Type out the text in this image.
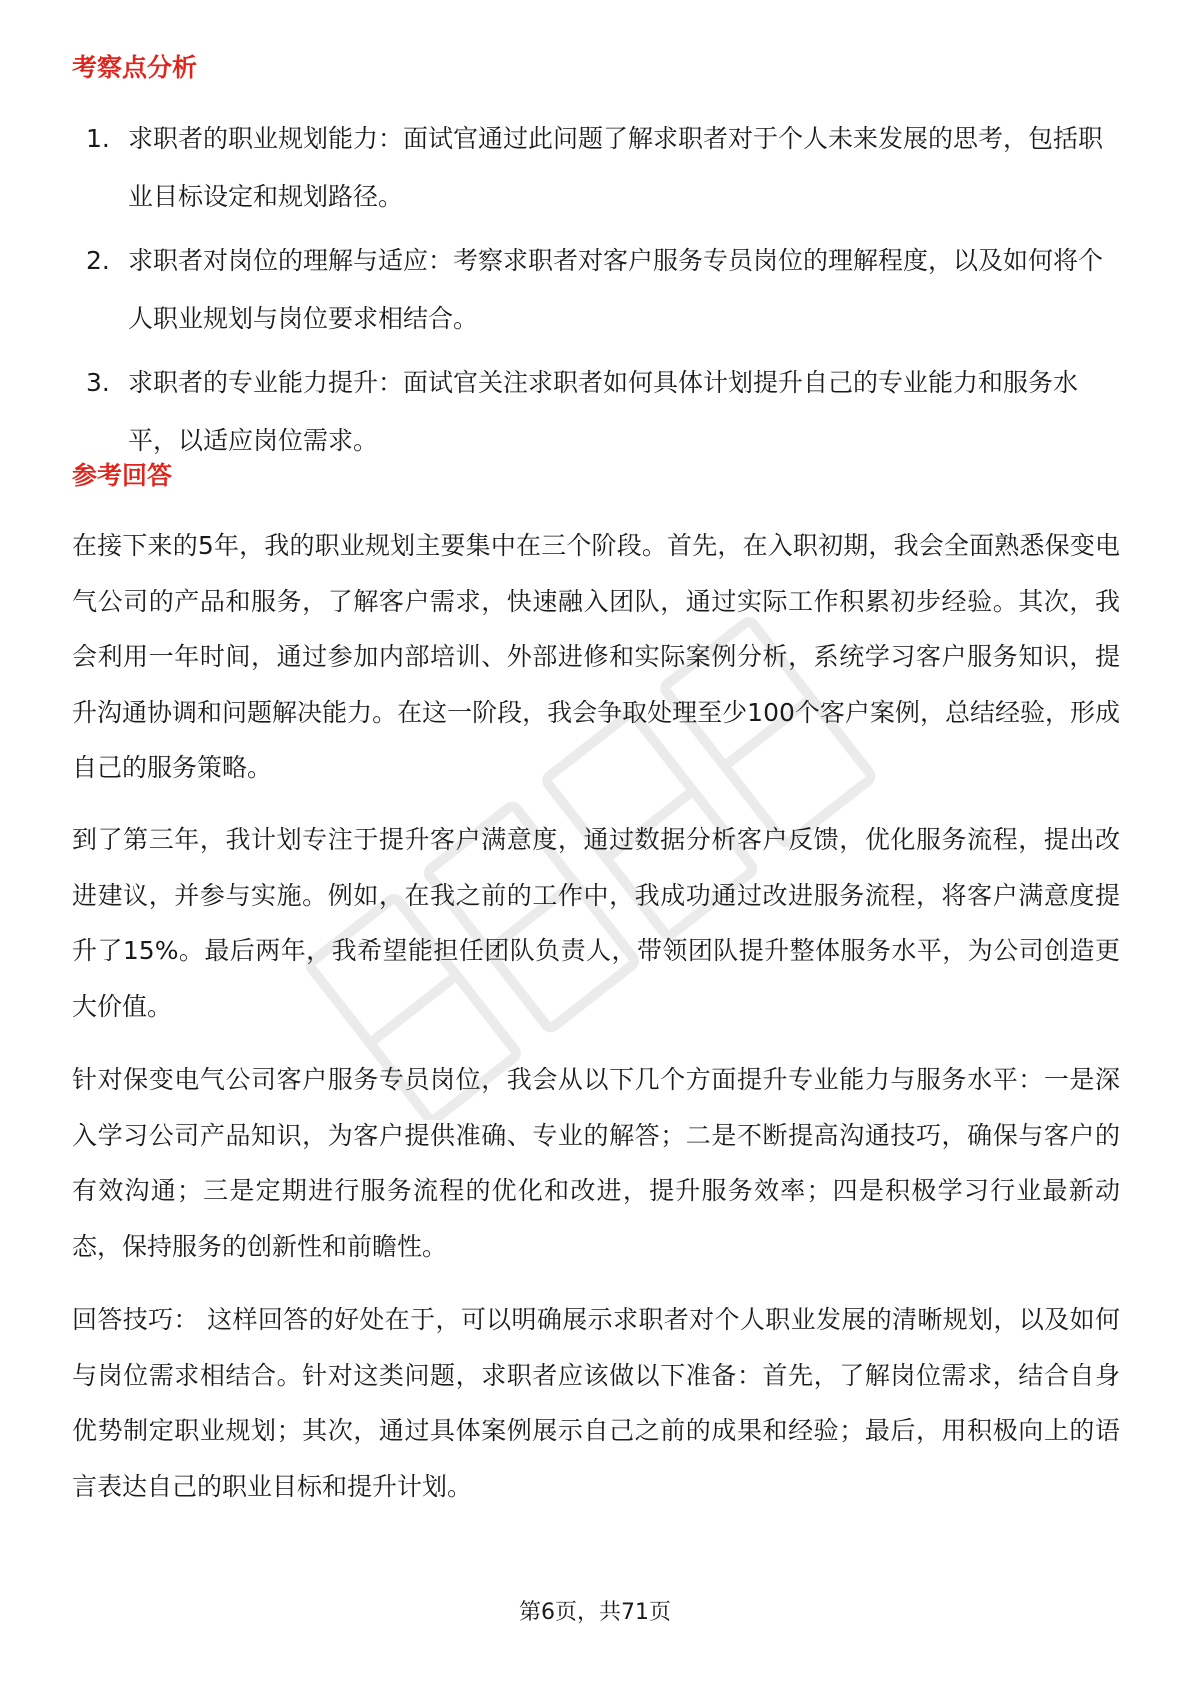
考察点分析
1. 求职者的职业规划能力：面试官通过此问题了解求职者对于个人未来发展的思考，包括职业目标设定和规划路径。
2. 求职者对岗位的理解与适应：考察求职者对客户服务专员岗位的理解程度，以及如何将个人职业规划与岗位要求相结合。
3. 求职者的专业能力提升：面试官关注求职者如何具体计划提升自己的专业能力和服务水平，以适应岗位需求。
参考回答

在接下来的5年，我的职业规划主要集中在三个阶段。首先，在入职初期，我会全面熟悉保变电气公司的产品和服务，了解客户需求，快速融入团队，通过实际工作积累初步经验。其次，我会利用一年时间，通过参加内部培训、外部进修和实际案例分析，系统学习客户服务知识，提升沟通协调和问题解决能力。在这一阶段，我会争取处理至少100个客户案例，总结经验，形成自己的服务策略。

到了第三年，我计划专注于提升客户满意度，通过数据分析客户反馈，优化服务流程，提出改进建议，并参与实施。例如，在我之前的工作中，我成功通过改进服务流程，将客户满意度提升了15%。最后两年，我希望能担任团队负责人，带领团队提升整体服务水平，为公司创造更大价值。

针对保变电气公司客户服务专员岗位，我会从以下几个方面提升专业能力与服务水平：一是深入学习公司产品知识，为客户提供准确、专业的解答；二是不断提高沟通技巧，确保与客户的有效沟通；三是定期进行服务流程的优化和改进，提升服务效率；四是积极学习行业最新动态，保持服务的创新性和前瞻性。

回答技巧： 这样回答的好处在于，可以明确展示求职者对个人职业发展的清晰规划，以及如何与岗位需求相结合。针对这类问题，求职者应该做以下准备：首先，了解岗位需求，结合自身优势制定职业规划；其次，通过具体案例展示自己之前的成果和经验；最后，用积极向上的语言表达自己的职业目标和提升计划。

第6页，共71页
